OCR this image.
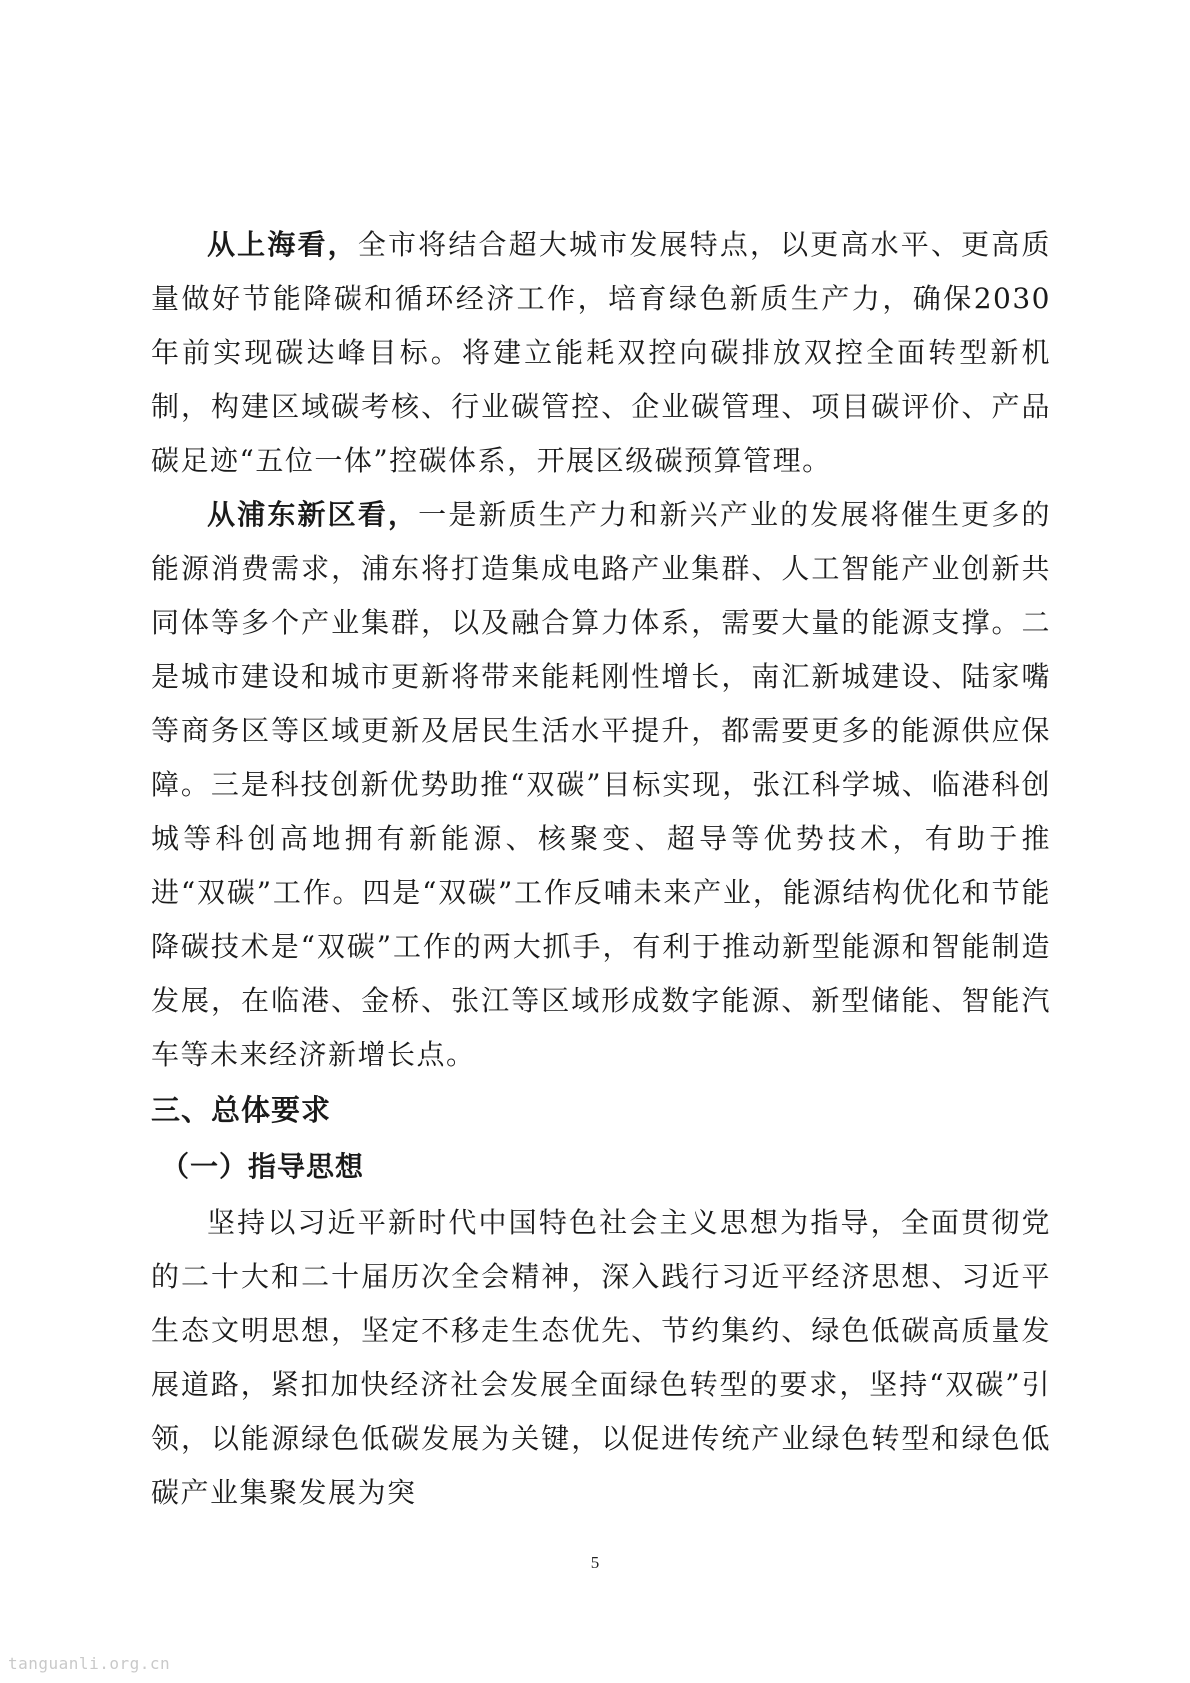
从上海看，全市将结合超大城市发展特点，以更高水平、更高质量做好节能降碳和循环经济工作，培育绿色新质生产力，确保2030年前实现碳达峰目标。将建立能耗双控向碳排放双控全面转型新机制，构建区域碳考核、行业碳管控、企业碳管理、项目碳评价、产品碳足迹“五位一体”控碳体系，开展区级碳预算管理。

从浦东新区看，一是新质生产力和新兴产业的发展将催生更多的能源消费需求，浦东将打造集成电路产业集群、人工智能产业创新共同体等多个产业集群，以及融合算力体系，需要大量的能源支撑。二是城市建设和城市更新将带来能耗刚性增长，南汇新城建设、陆家嘴等商务区等区域更新及居民生活水平提升，都需要更多的能源供应保障。三是科技创新优势助推“双碳”目标实现，张江科学城、临港科创城等科创高地拥有新能源、核聚变、超导等优势技术，有助于推进“双碳”工作。四是“双碳”工作反哺未来产业，能源结构优化和节能降碳技术是“双碳”工作的两大抓手，有利于推动新型能源和智能制造发展，在临港、金桥、张江等区域形成数字能源、新型储能、智能汽车等未来经济新增长点。

三、总体要求
（一）指导思想

坚持以习近平新时代中国特色社会主义思想为指导，全面贯彻党的二十大和二十届历次全会精神，深入践行习近平经济思想、习近平生态文明思想，坚定不移走生态优先、节约集约、绿色低碳高质量发展道路，紧扣加快经济社会发展全面绿色转型的要求，坚持“双碳”引领，以能源绿色低碳发展为关键，以促进传统产业绿色转型和绿色低碳产业集聚发展为突

5
tanguanli.org.cn
